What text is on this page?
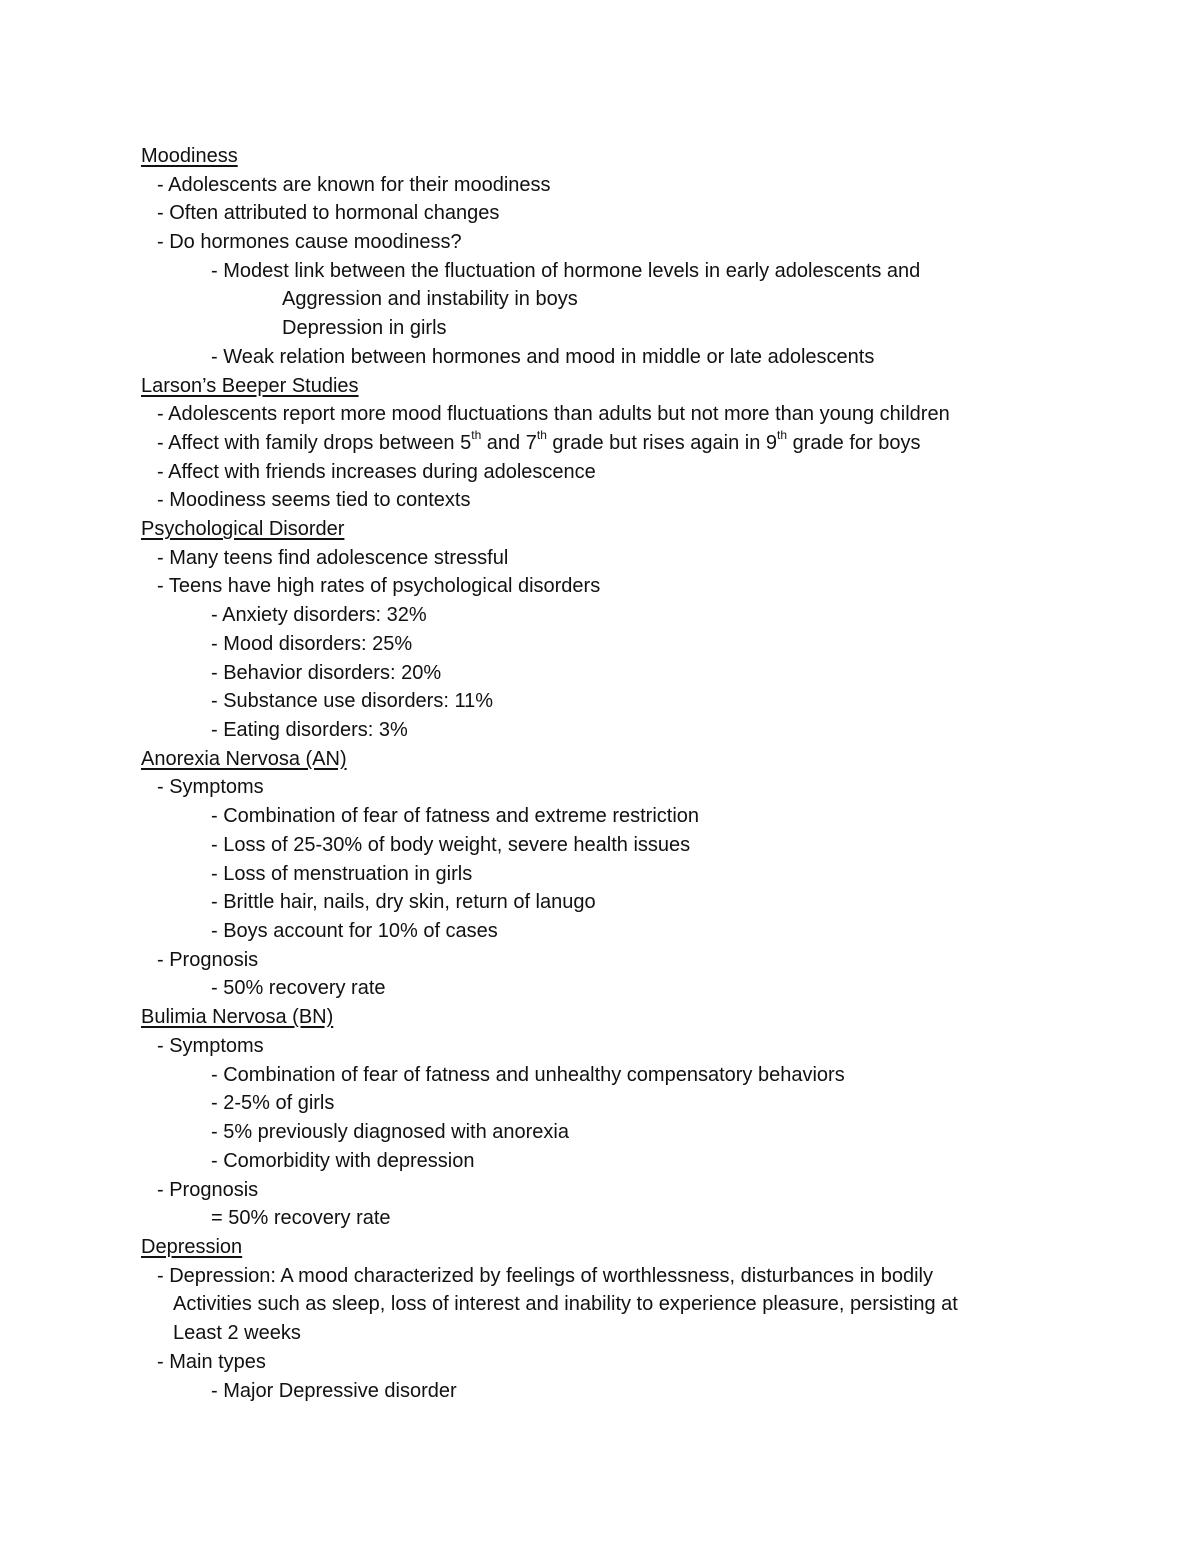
Moodiness
- Adolescents are known for their moodiness
- Often attributed to hormonal changes
- Do hormones cause moodiness?
- Modest link between the fluctuation of hormone levels in early adolescents and
Aggression and instability in boys
Depression in girls
- Weak relation between hormones and mood in middle or late adolescents
Larson’s Beeper Studies
- Adolescents report more mood fluctuations than adults but not more than young children
- Affect with family drops between 5th and 7th grade but rises again in 9th grade for boys
- Affect with friends increases during adolescence
- Moodiness seems tied to contexts
Psychological Disorder
- Many teens find adolescence stressful
- Teens have high rates of psychological disorders
- Anxiety disorders: 32%
- Mood disorders: 25%
- Behavior disorders: 20%
- Substance use disorders: 11%
- Eating disorders: 3%
Anorexia Nervosa (AN)
- Symptoms
- Combination of fear of fatness and extreme restriction
- Loss of 25-30% of body weight, severe health issues
- Loss of menstruation in girls
- Brittle hair, nails, dry skin, return of lanugo
- Boys account for 10% of cases
- Prognosis
- 50% recovery rate
Bulimia Nervosa (BN)
- Symptoms
- Combination of fear of fatness and unhealthy compensatory behaviors
- 2-5% of girls
- 5% previously diagnosed with anorexia
- Comorbidity with depression
- Prognosis
= 50% recovery rate
Depression
- Depression: A mood characterized by feelings of worthlessness, disturbances in bodily
Activities such as sleep, loss of interest and inability to experience pleasure, persisting at
Least 2 weeks
- Main types
- Major Depressive disorder
